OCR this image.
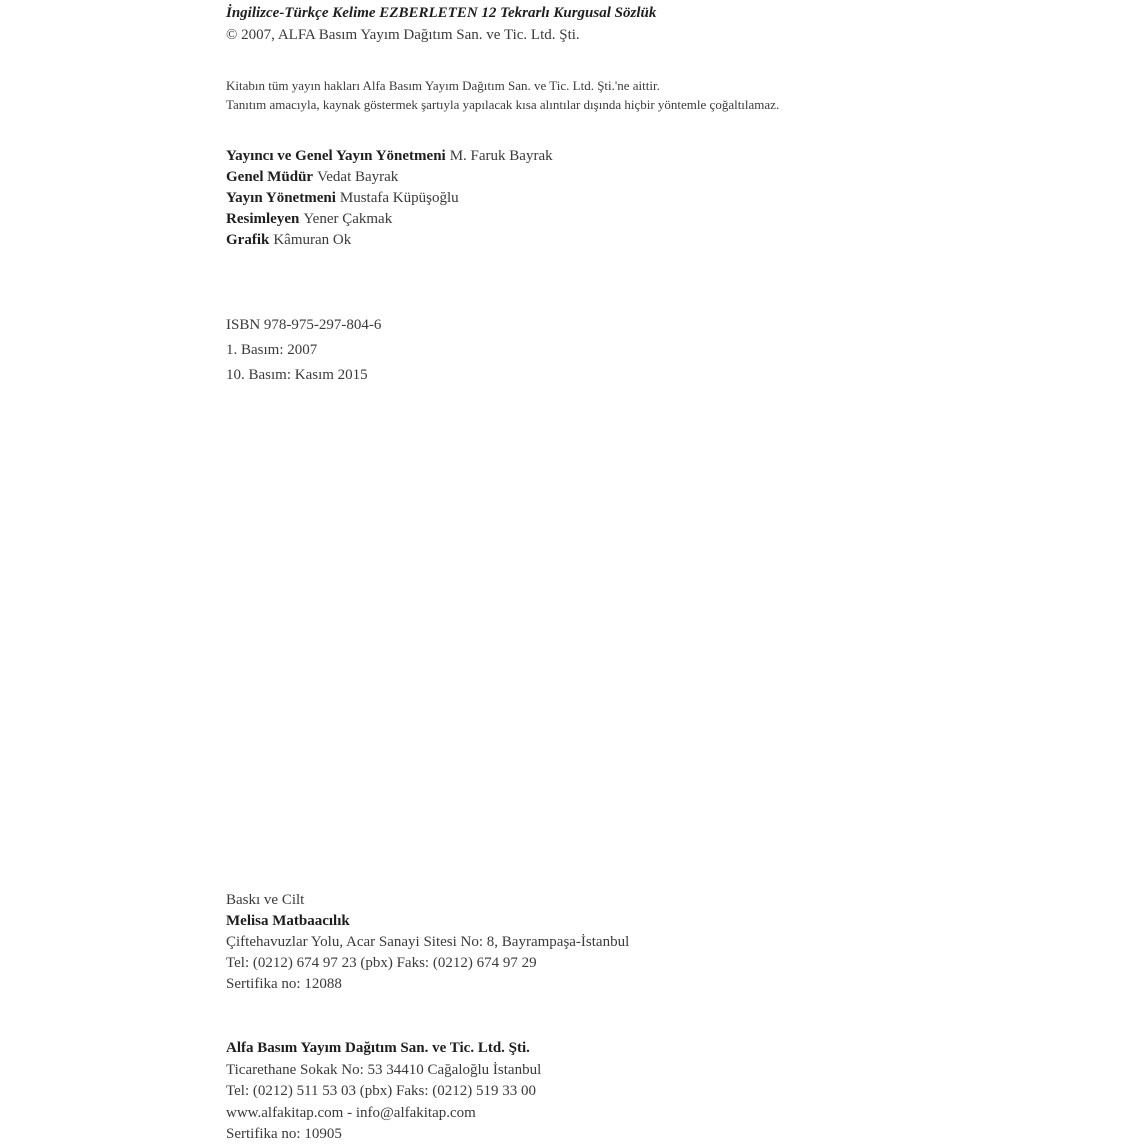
İngilizce-Türkçe Kelime EZBERLETEN 12 Tekrarlı Kurgusal Sözlük
© 2007, ALFA Basım Yayım Dağıtım San. ve Tic. Ltd. Şti.
Kitabın tüm yayın hakları Alfa Basım Yayım Dağıtım San. ve Tic. Ltd. Şti.'ne aittir.
Tanıtım amacıyla, kaynak göstermek şartıyla yapılacak kısa alıntılar dışında hiçbir yöntemle çoğaltılamaz.
Yayıncı ve Genel Yayın Yönetmeni M. Faruk Bayrak
Genel Müdür Vedat Bayrak
Yayın Yönetmeni Mustafa Küpüşoğlu
Resimleyen Yener Çakmak
Grafik Kâmuran Ok
ISBN 978-975-297-804-6
1. Basım: 2007
10. Basım: Kasım 2015
Baskı ve Cilt
Melisa Matbaacılık
Çiftehavuzlar Yolu, Acar Sanayi Sitesi No: 8, Bayrampaşa-İstanbul
Tel: (0212) 674 97 23 (pbx) Faks: (0212) 674 97 29
Sertifika no: 12088
Alfa Basım Yayım Dağıtım San. ve Tic. Ltd. Şti.
Ticarethane Sokak No: 53 34410 Cağaloğlu İstanbul
Tel: (0212) 511 53 03 (pbx) Faks: (0212) 519 33 00
www.alfakitap.com - info@alfakitap.com
Sertifika no: 10905
